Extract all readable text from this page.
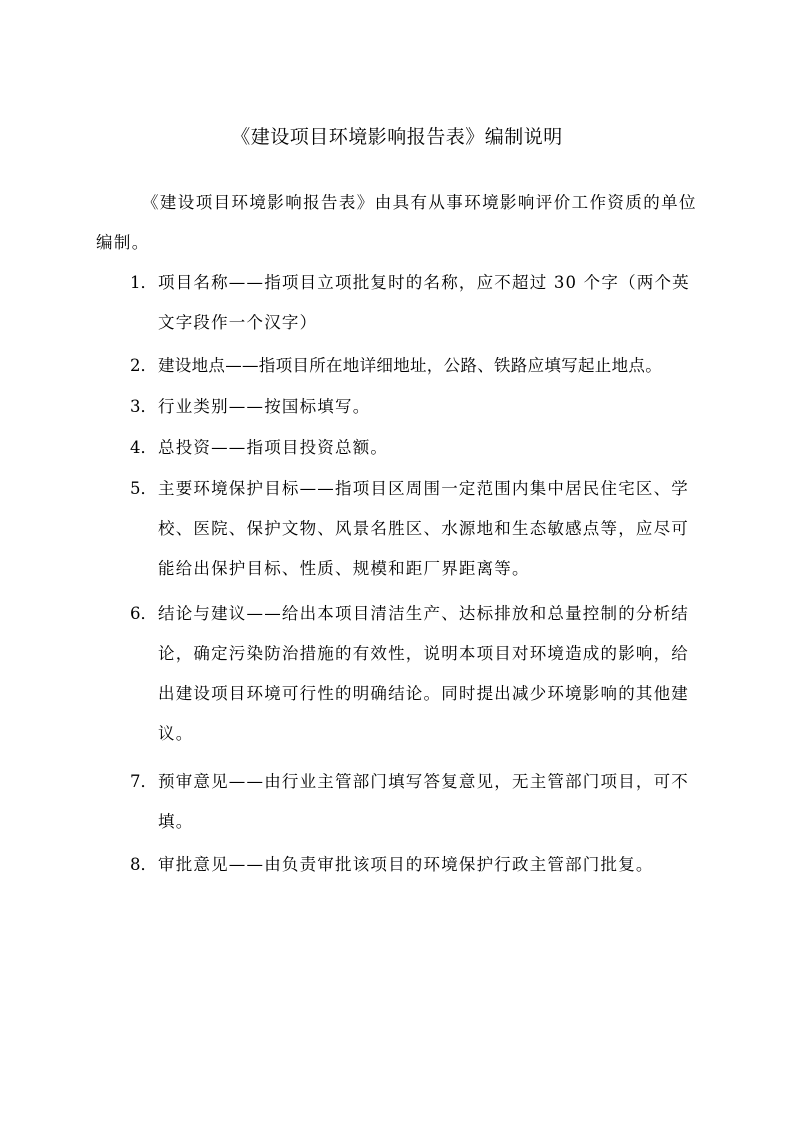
《建设项目环境影响报告表》编制说明

《建设项目环境影响报告表》由具有从事环境影响评价工作资质的单位编制。

1． 项目名称——指项目立项批复时的名称，应不超过 30 个字（两个英文字段作一个汉字）
2． 建设地点——指项目所在地详细地址，公路、铁路应填写起止地点。
3． 行业类别——按国标填写。
4． 总投资——指项目投资总额。
5． 主要环境保护目标——指项目区周围一定范围内集中居民住宅区、学校、医院、保护文物、风景名胜区、水源地和生态敏感点等，应尽可能给出保护目标、性质、规模和距厂界距离等。
6． 结论与建议——给出本项目清洁生产、达标排放和总量控制的分析结论，确定污染防治措施的有效性，说明本项目对环境造成的影响，给出建设项目环境可行性的明确结论。同时提出减少环境影响的其他建议。
7． 预审意见——由行业主管部门填写答复意见，无主管部门项目，可不填。
8． 审批意见——由负责审批该项目的环境保护行政主管部门批复。
